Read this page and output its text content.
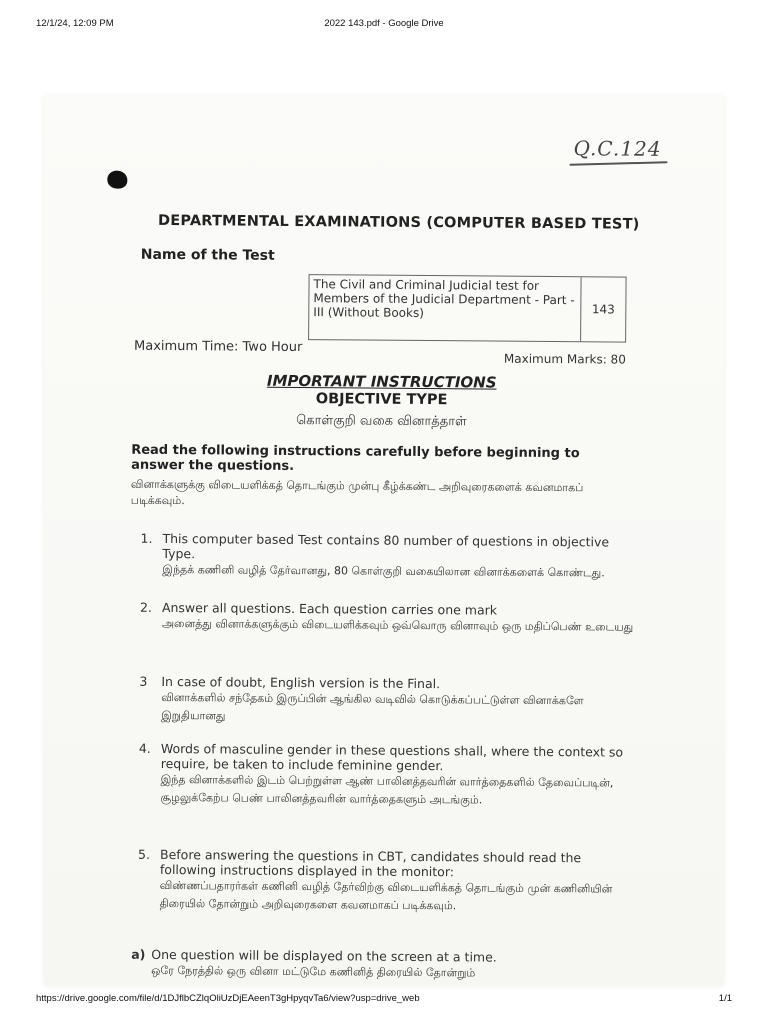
12/1/24, 12:09 PM	2022 143.pdf - Google Drive
Q.C.124
DEPARTMENTAL EXAMINATIONS (COMPUTER BASED TEST)
Name of the Test
The Civil and Criminal Judicial test for Members of the Judicial Department - Part - III (Without Books)	143
Maximum Time: Two Hour
Maximum Marks: 80
IMPORTANT INSTRUCTIONS
OBJECTIVE TYPE
கொள்குறி வகை வினாத்தாள்
Read the following instructions carefully before beginning to answer the questions.
வினாக்களுக்கு விடையளிக்கத் தொடங்கும் முன்பு கீழ்க்கண்ட அறிவுரைகளைக் கவனமாகப் படிக்கவும்.
1. This computer based Test contains 80 number of questions in objective Type.
இந்தக் கணினி வழித் தேர்வானது, 80 கொள்குறி வகையிலான வினாக்களைக் கொண்டது.
2. Answer all questions. Each question carries one mark
அனைத்து வினாக்களுக்கும் விடையளிக்கவும் ஒவ்வொரு வினாவும் ஒரு மதிப்பெண் உடையது
3	In case of doubt, English version is the Final.
வினாக்களில் சந்தேகம் இருப்பின் ஆங்கில வடிவில் கொடுக்கப்பட்டுள்ள வினாக்களே இறுதியானது
4. Words of masculine gender in these questions shall, where the context so require, be taken to include feminine gender.
இந்த வினாக்களில் இடம் பெற்றுள்ள ஆண் பாலினத்தவரின் வார்த்தைகளில் தேவைப்படின், சூழலுக்கேற்ப பெண் பாலினத்தவரின் வார்த்தைகளும் அடங்கும்.
5. Before answering the questions in CBT, candidates should read the following instructions displayed in the monitor:
விண்ணப்பதாரர்கள் கணினி வழித் தேர்விற்கு விடையளிக்கத் தொடங்கும் முன் கணினியின் திரையில் தோன்றும் அறிவுரைகளை கவனமாகப் படிக்கவும்.
a) One question will be displayed on the screen at a time.
ஒரே நேரத்தில் ஒரு வினா மட்டுமே கணினித் திரையில் தோன்றும்
https://drive.google.com/file/d/1DJflbCZlqOliUzDjEAeenT3gHpyqvTa6/view?usp=drive_web	1/1
